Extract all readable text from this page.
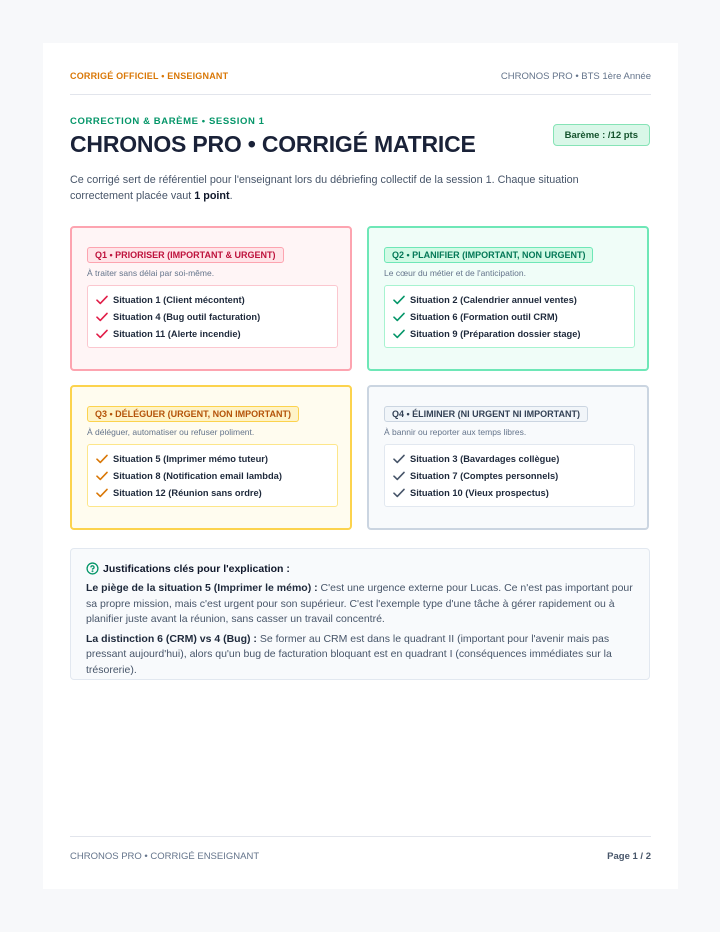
CORRIGÉ OFFICIEL • ENSEIGNANT	CHRONOS PRO • BTS 1ère Année
CORRECTION & BARÈME • SESSION 1
CHRONOS PRO • CORRIGÉ MATRICE	Barème : /12 pts

Ce corrigé sert de référentiel pour l'enseignant lors du débriefing collectif de la session 1. Chaque situation correctement placée vaut 1 point.

Q1 • PRIORISER (IMPORTANT & URGENT)
À traiter sans délai par soi-même.
Situation 1 (Client mécontent)
Situation 4 (Bug outil facturation)
Situation 11 (Alerte incendie)
Q2 • PLANIFIER (IMPORTANT, NON URGENT)
Le cœur du métier et de l'anticipation.
Situation 2 (Calendrier annuel ventes)
Situation 6 (Formation outil CRM)
Situation 9 (Préparation dossier stage)
Q3 • DÉLÉGUER (URGENT, NON IMPORTANT)
À déléguer, automatiser ou refuser poliment.
Situation 5 (Imprimer mémo tuteur)
Situation 8 (Notification email lambda)
Situation 12 (Réunion sans ordre)
Q4 • ÉLIMINER (NI URGENT NI IMPORTANT)
À bannir ou reporter aux temps libres.
Situation 3 (Bavardages collègue)
Situation 7 (Comptes personnels)
Situation 10 (Vieux prospectus)
Justifications clés pour l'explication :

Le piège de la situation 5 (Imprimer le mémo) : C'est une urgence externe pour Lucas. Ce n'est pas important pour sa propre mission, mais c'est urgent pour son supérieur. C'est l'exemple type d'une tâche à gérer rapidement ou à planifier juste avant la réunion, sans casser un travail concentré.

La distinction 6 (CRM) vs 4 (Bug) : Se former au CRM est dans le quadrant II (important pour l'avenir mais pas pressant aujourd'hui), alors qu'un bug de facturation bloquant est en quadrant I (conséquences immédiates sur la trésorerie).

CHRONOS PRO • CORRIGÉ ENSEIGNANT	Page 1 / 2
